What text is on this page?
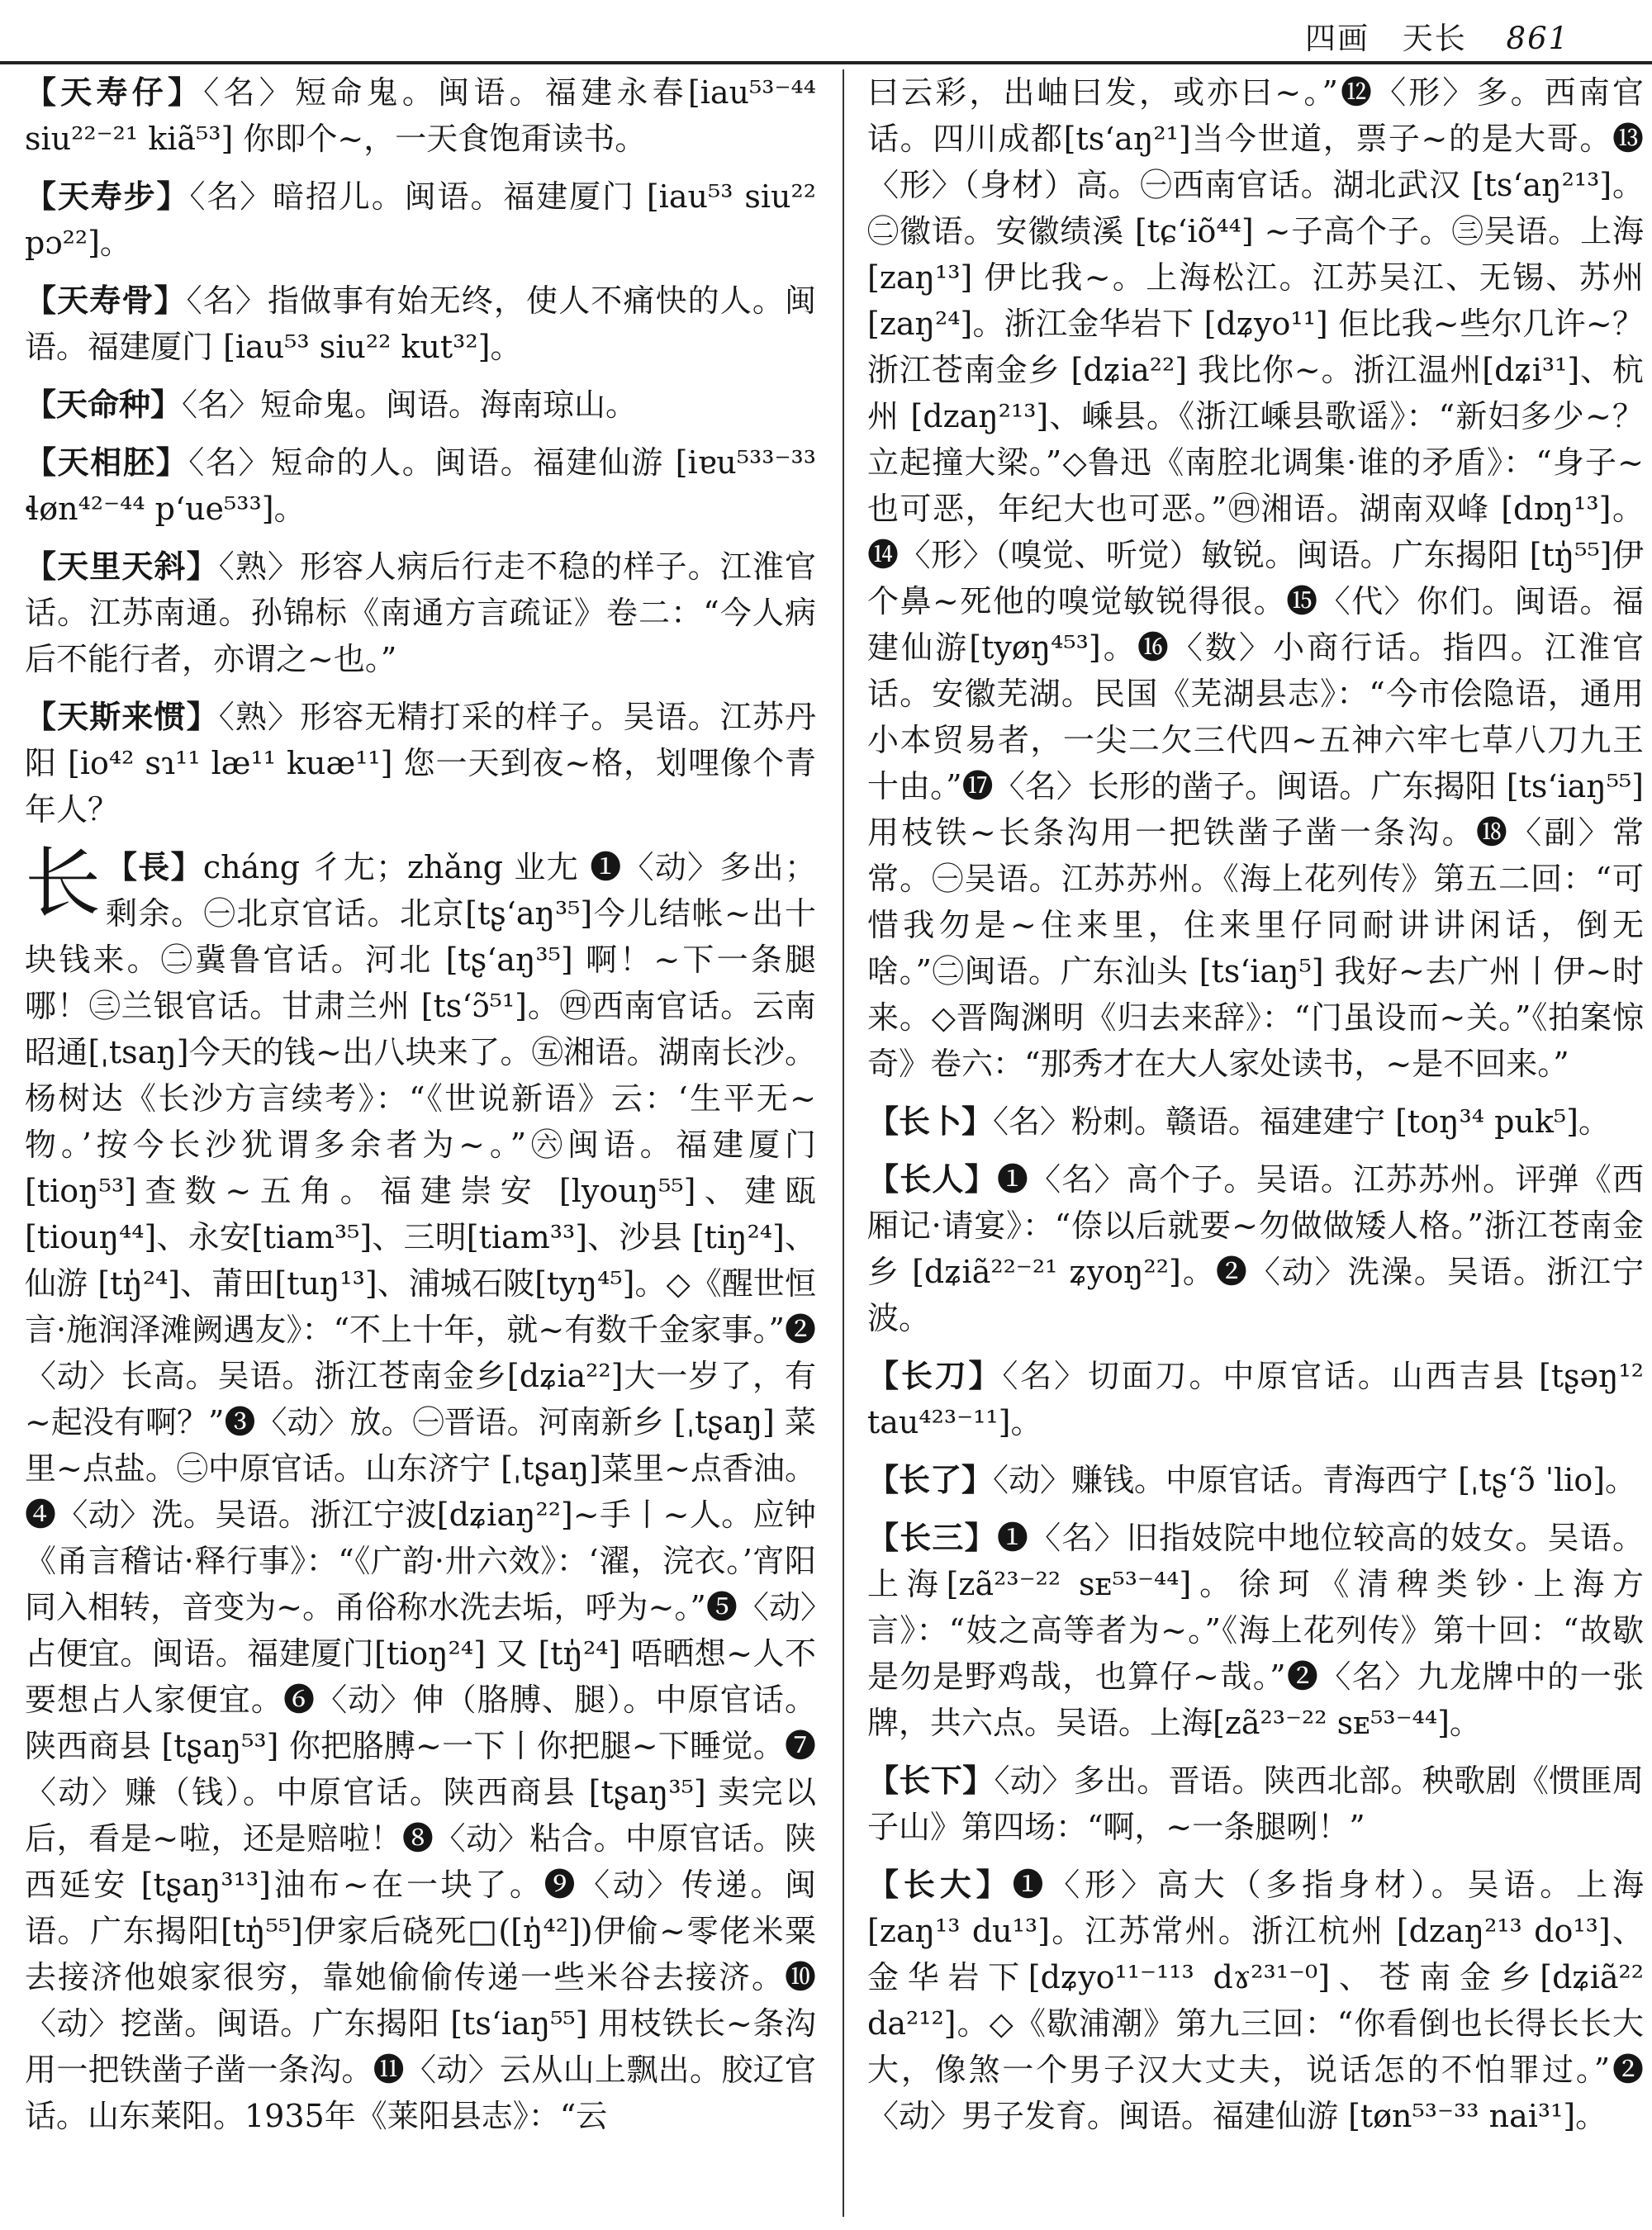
四画 天长 861

【天寿仔】〈名〉短命鬼。闽语。福建永春[iau⁵³⁻⁴⁴ siu²²⁻²¹ kiã⁵³] 你即个~，一天食饱甭读书。

【天寿步】〈名〉暗招儿。闽语。福建厦门 [iau⁵³ siu²² pɔ²²]。

【天寿骨】〈名〉指做事有始无终，使人不痛快的人。闽语。福建厦门 [iau⁵³ siu²² kut³²]。

【天命种】〈名〉短命鬼。闽语。海南琼山。

【天相胚】〈名〉短命的人。闽语。福建仙游 [iɐu⁵³³⁻³³ ɬøn⁴²⁻⁴⁴ pʻue⁵³³]。

【天里天斜】〈熟〉形容人病后行走不稳的样子。江淮官话。江苏南通。孙锦标《南通方言疏证》卷二：“今人病后不能行者，亦谓之~也。”

【天斯来惯】〈熟〉形容无精打采的样子。吴语。江苏丹阳 [io⁴² sɿ¹¹ læ¹¹ kuæ¹¹] 您一天到夜~格，划哩像个青年人？

长 【長】cháng 彳尢；zhǎng 业尢 ❶〈动〉多出；剩余。㊀北京官话。北京[tʂʻaŋ³⁵]今儿结帐~出十块钱来。㊁冀鲁官话。河北 [tʂʻaŋ³⁵] 啊！~下一条腿哪！㊂兰银官话。甘肃兰州 [tsʻɔ̃⁵¹]。㊃西南官话。云南昭通[ˌtsaŋ]今天的钱~出八块来了。㊄湘语。湖南长沙。杨树达《长沙方言续考》：“《世说新语》云：‘生平无~物。’按今长沙犹谓多余者为~。”㊅闽语。福建厦门[tioŋ⁵³]查数~五角。福建崇安 [lyouŋ⁵⁵]、建瓯 [tiouŋ⁴⁴]、永安[tiam³⁵]、三明[tiam³³]、沙县 [tiŋ²⁴]、仙游 [tŋ̍²⁴]、莆田[tuŋ¹³]、浦城石陂[tyŋ⁴⁵]。◇《醒世恒言·施润泽滩阙遇友》：“不上十年，就~有数千金家事。”❷〈动〉长高。吴语。浙江苍南金乡[dʑia²²]大一岁了，有~起没有啊？”❸〈动〉放。㊀晋语。河南新乡 [ˌtʂaŋ] 菜里~点盐。㊁中原官话。山东济宁 [ˌtʂaŋ]菜里~点香油。❹〈动〉洗。吴语。浙江宁波[dʑiaŋ²²]~手丨~人。应钟《甬言稽诂·释行事》：“《广韵·卅六效》：‘濯，浣衣。’宵阳同入相转，音变为~。甬俗称水洗去垢，呼为~。”❺〈动〉占便宜。闽语。福建厦门[tioŋ²⁴] 又 [tŋ̍²⁴] 唔晒想~人不要想占人家便宜。❻〈动〉伸（胳膊、腿）。中原官话。陕西商县 [tʂaŋ⁵³] 你把胳膊~一下丨你把腿~下睡觉。❼〈动〉赚（钱）。中原官话。陕西商县 [tʂaŋ³⁵] 卖完以后，看是~啦，还是赔啦！❽〈动〉粘合。中原官话。陕西延安 [tʂaŋ³¹³]油布~在一块了。❾〈动〉传递。闽语。广东揭阳[tŋ̍⁵⁵]伊家后硗死□([ŋ̍⁴²])伊偷~零佬米粟去接济他娘家很穷，靠她偷偷传递一些米谷去接济。❿〈动〉挖凿。闽语。广东揭阳 [tsʻiaŋ⁵⁵] 用枝铁长~条沟用一把铁凿子凿一条沟。⓫〈动〉云从山上飘出。胶辽官话。山东莱阳。1935年《莱阳县志》：“云

曰云彩，出岫曰发，或亦曰~。”⓬〈形〉多。西南官话。四川成都[tsʻaŋ²¹]当今世道，票子~的是大哥。⓭〈形〉（身材）高。㊀西南官话。湖北武汉 [tsʻaŋ²¹³]。㊁徽语。安徽绩溪 [tɕʻiõ⁴⁴] ~子高个子。㊂吴语。上海[zaŋ¹³] 伊比我~。上海松江。江苏吴江、无锡、苏州[zaŋ²⁴]。浙江金华岩下 [dʑyo¹¹] 佢比我~些尔几许~？浙江苍南金乡 [dʑia²²] 我比你~。浙江温州[dʑi³¹]、杭州 [dzaŋ²¹³]、嵊县。《浙江嵊县歌谣》：“新妇多少~？立起撞大梁。”◇鲁迅《南腔北调集·谁的矛盾》：“身子~也可恶，年纪大也可恶。”㊃湘语。湖南双峰 [dɒŋ¹³]。⓮〈形〉（嗅觉、听觉）敏锐。闽语。广东揭阳 [tŋ̍⁵⁵]伊个鼻~死他的嗅觉敏锐得很。⓯〈代〉你们。闽语。福建仙游[tyøŋ⁴⁵³]。⓰〈数〉小商行话。指四。江淮官话。安徽芜湖。民国《芜湖县志》：“今市侩隐语，通用小本贸易者，一尖二欠三代四~五神六牢七草八刀九王十由。”⓱〈名〉长形的凿子。闽语。广东揭阳 [tsʻiaŋ⁵⁵] 用枝铁~长条沟用一把铁凿子凿一条沟。⓲〈副〉常常。㊀吴语。江苏苏州。《海上花列传》第五二回：“可惜我勿是~住来里，住来里仔同耐讲讲闲话，倒无啥。”㊁闽语。广东汕头 [tsʻiaŋ⁵] 我好~去广州丨伊~时来。◇晋陶渊明《归去来辞》：“门虽设而~关。”《拍案惊奇》卷六：“那秀才在大人家处读书，~是不回来。”

【长卜】〈名〉粉刺。赣语。福建建宁 [toŋ³⁴ puk⁵]。

【长人】❶〈名〉高个子。吴语。江苏苏州。评弹《西厢记·请宴》：“倷以后就要~勿做做矮人格。”浙江苍南金乡 [dʑiã²²⁻²¹ ʑyoŋ²²]。❷〈动〉洗澡。吴语。浙江宁波。

【长刀】〈名〉切面刀。中原官话。山西吉县 [tʂəŋ¹² tau⁴²³⁻¹¹]。

【长了】〈动〉赚钱。中原官话。青海西宁 [ˌtʂʻɔ̃ ˈlio]。

【长三】❶〈名〉旧指妓院中地位较高的妓女。吴语。上海[zã²³⁻²² sᴇ⁵³⁻⁴⁴]。徐珂《清稗类钞·上海方言》：“妓之高等者为~。”《海上花列传》第十回：“故歇是勿是野鸡哉，也算仔~哉。”❷〈名〉九龙牌中的一张牌，共六点。吴语。上海[zã²³⁻²² sᴇ⁵³⁻⁴⁴]。

【长下】〈动〉多出。晋语。陕西北部。秧歌剧《惯匪周子山》第四场：“啊，~一条腿咧！”

【长大】❶〈形〉高大（多指身材）。吴语。上海 [zaŋ¹³ du¹³]。江苏常州。浙江杭州 [dzaŋ²¹³ do¹³]、金华岩下[dʑyo¹¹⁻¹¹³ dɤ²³¹⁻⁰]、苍南金乡[dʑiã²² da²¹²]。◇《歇浦潮》第九三回：“你看倒也长得长长大大，像煞一个男子汉大丈夫，说话怎的不怕罪过。”❷〈动〉男子发育。闽语。福建仙游 [tøn⁵³⁻³³ nai³¹]。
